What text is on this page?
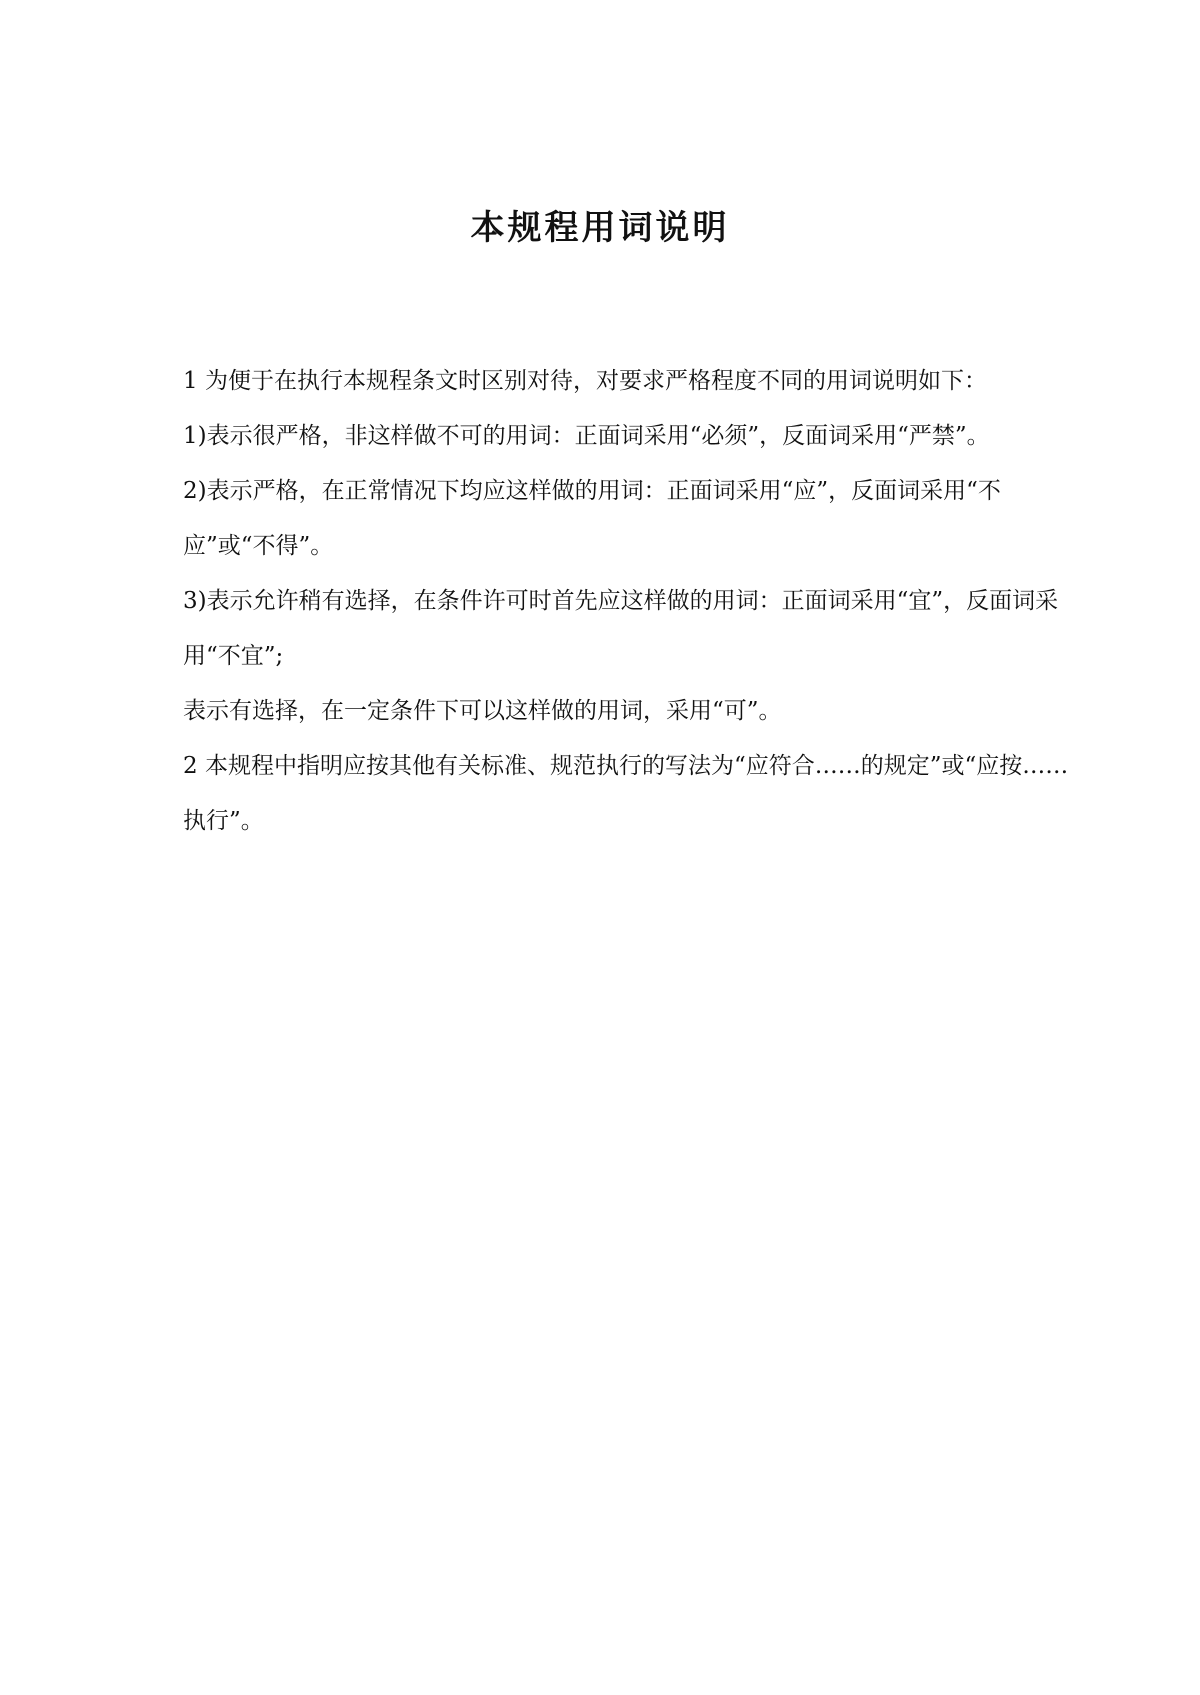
本规程用词说明

1 为便于在执行本规程条文时区别对待，对要求严格程度不同的用词说明如下：

1)表示很严格，非这样做不可的用词：正面词采用“必须”，反面词采用“严禁”。

2)表示严格，在正常情况下均应这样做的用词：正面词采用“应”，反面词采用“不应”或“不得”。

3)表示允许稍有选择，在条件许可时首先应这样做的用词：正面词采用“宜”，反面词采用“不宜”;

表示有选择，在一定条件下可以这样做的用词，采用“可”。

2 本规程中指明应按其他有关标准、规范执行的写法为“应符合……的规定”或“应按……执行”。
